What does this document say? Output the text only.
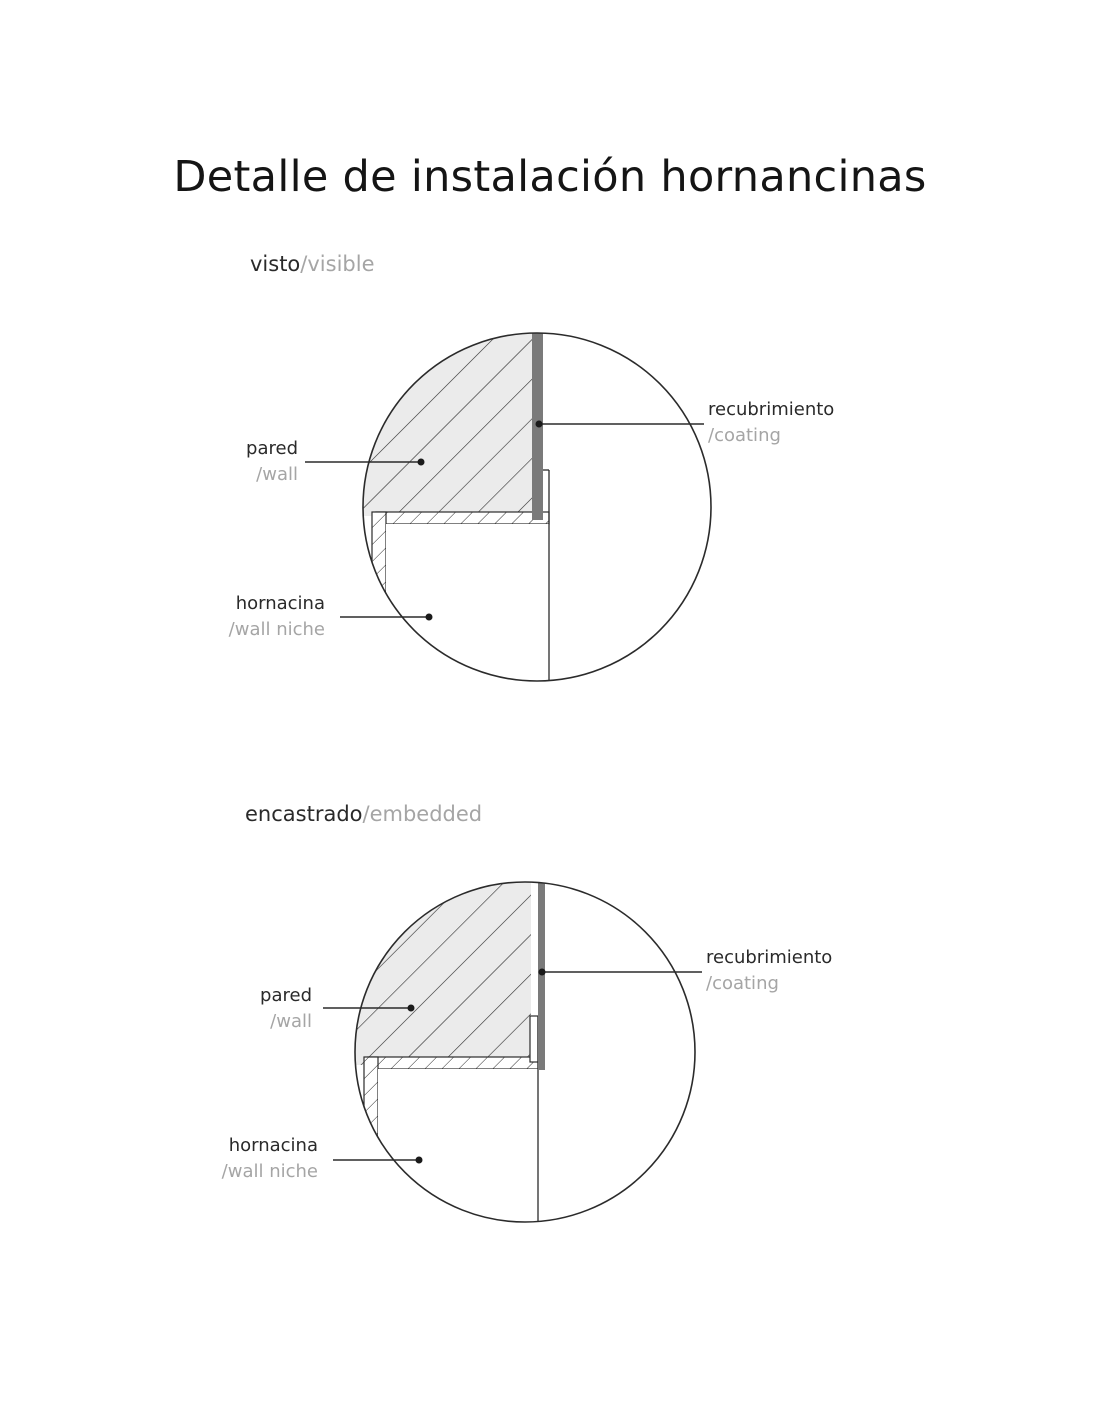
Detalle de instalación hornancinas
visto/visible
encastrado/embedded
pared
/wall
hornacina
/wall niche
recubrimiento
/coating
pared
/wall
hornacina
/wall niche
recubrimiento
/coating
